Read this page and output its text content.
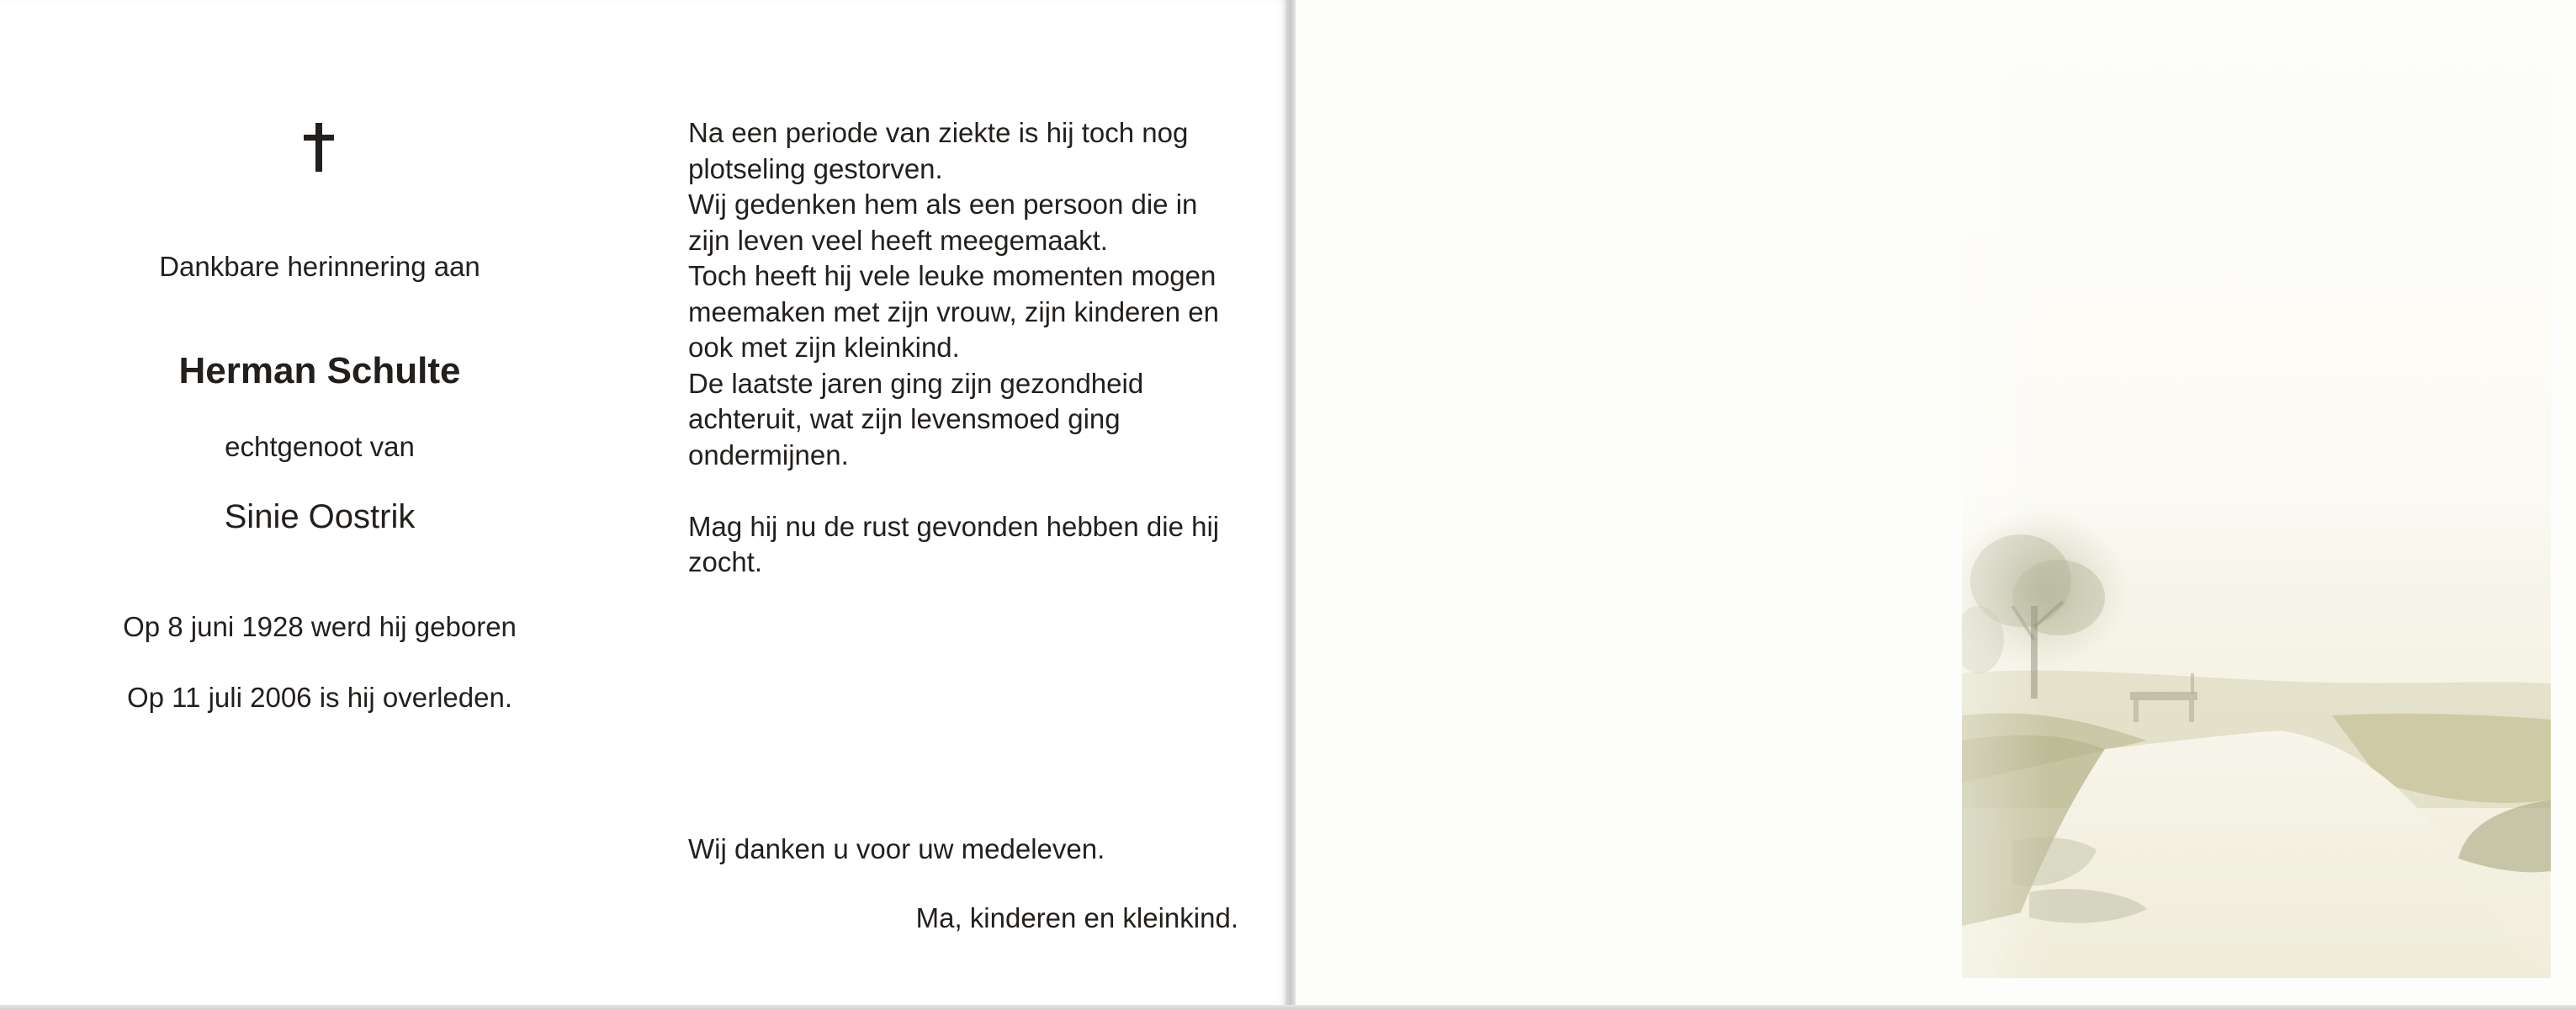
Dankbare herinnering aan
Herman Schulte
echtgenoot van
Sinie Oostrik
Op 8 juni 1928 werd hij geboren
Op 11 juli 2006 is hij overleden.

Na een periode van ziekte is hij toch nog plotseling gestorven.

Wij gedenken hem als een persoon die in zijn leven veel heeft meegemaakt.

Toch heeft hij vele leuke momenten mogen meemaken met zijn vrouw, zijn kinderen en ook met zijn kleinkind.

De laatste jaren ging zijn gezondheid achteruit, wat zijn levensmoed ging ondermijnen.

Mag hij nu de rust gevonden hebben die hij zocht.

Wij danken u voor uw medeleven.
Ma, kinderen en kleinkind.
